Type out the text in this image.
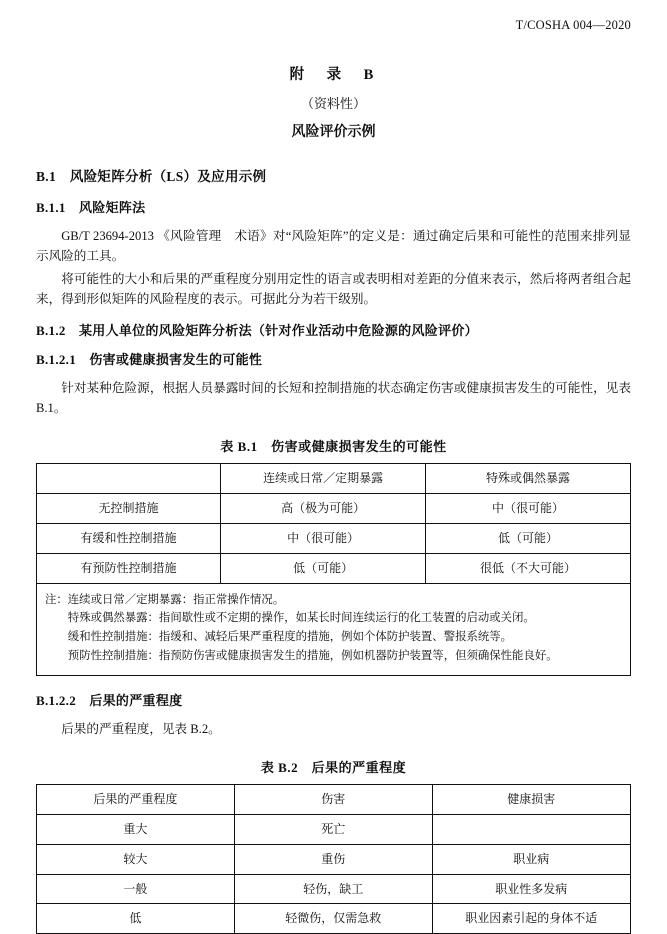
T/COSHA 004—2020
附　录　B
（资料性）
风险评价示例
B.1　风险矩阵分析（LS）及应用示例
B.1.1　风险矩阵法

GB/T 23694-2013 《风险管理　术语》对“风险矩阵”的定义是：通过确定后果和可能性的范围来排列显示风险的工具。

将可能性的大小和后果的严重程度分别用定性的语言或表明相对差距的分值来表示，然后将两者组合起来，得到形似矩阵的风险程度的表示。可据此分为若干级别。

B.1.2　某用人单位的风险矩阵分析法（针对作业活动中危险源的风险评价）
B.1.2.1　伤害或健康损害发生的可能性

针对某种危险源，根据人员暴露时间的长短和控制措施的状态确定伤害或健康损害发生的可能性，见表 B.1。

表 B.1　伤害或健康损害发生的可能性
	连续或日常／定期暴露	特殊或偶然暴露
无控制措施	高（极为可能）	中（很可能）
有缓和性控制措施	中（很可能）	低（可能）
有预防性控制措施	低（可能）	很低（不大可能）

注：连续或日常／定期暴露：指正常操作情况。
特殊或偶然暴露：指间歇性或不定期的操作，如某长时间连续运行的化工装置的启动或关闭。
缓和性控制措施：指缓和、减轻后果严重程度的措施，例如个体防护装置、警报系统等。
预防性控制措施：指预防伤害或健康损害发生的措施，例如机器防护装置等，但须确保性能良好。		
B.1.2.2　后果的严重程度

后果的严重程度，见表 B.2。

表 B.2　后果的严重程度
后果的严重程度	伤害	健康损害
重大	死亡	
较大	重伤	职业病
一般	轻伤，缺工	职业性多发病
低	轻微伤，仅需急救	职业因素引起的身体不适
